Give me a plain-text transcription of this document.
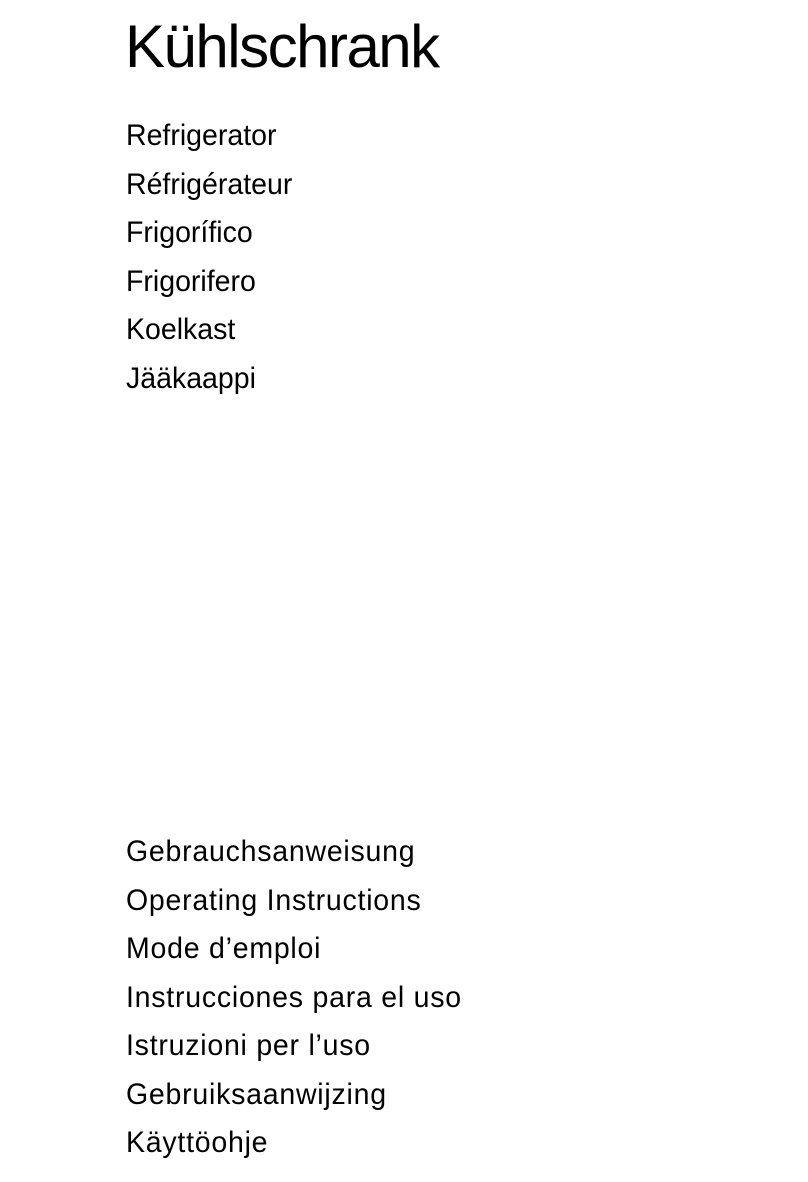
Kühlschrank
Refrigerator
Réfrigérateur
Frigorífico
Frigorifero
Koelkast
Jääkaappi
Gebrauchsanweisung
Operating Instructions
Mode d’emploi
Instrucciones para el uso
Istruzioni per l’uso
Gebruiksaanwijzing
Käyttöohje
